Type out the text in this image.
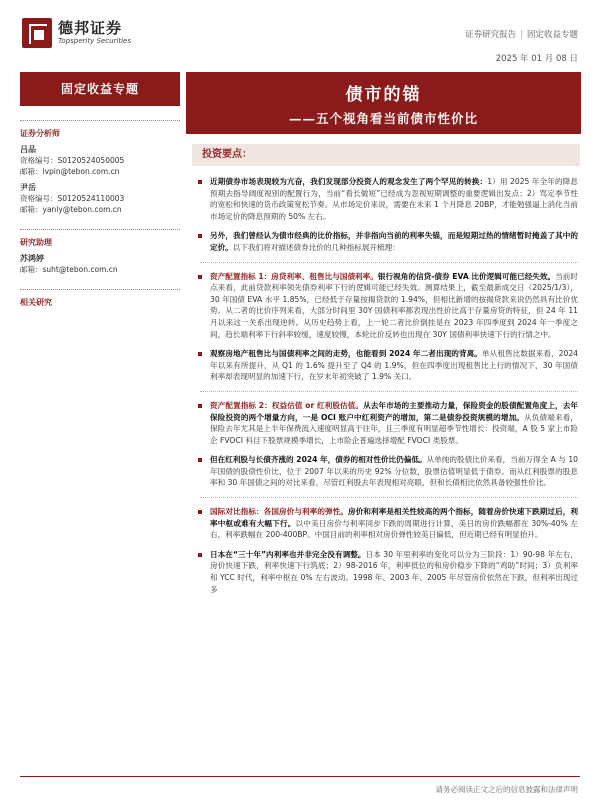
德邦证券
Topsperity Securities
证券研究报告 | 固定收益专题
2025 年 01 月 08 日
固定收益专题
证券分析师
吕品
资格编号：S0120524050005
邮箱：lvpin@tebon.com.cn
尹岳
资格编号：S0120524110003
邮箱：yanly@tebon.com.cn
研究助理
苏鸿婷
邮箱：suht@tebon.com.cn
相关研究
债市的锚
——五个视角看当前债市性价比
投资要点：
近期债券市场表现较为亢奋，我们发现部分投资人的观念发生了两个罕见的转换：1）用 2025 年全年的降息预期去指导阔度视别的配置行为，当前“看长做短”已经成为忽视短期调整的重要逻辑出发点；2）骂定季节性的宽松和快速的货币政策宽松节奏。从市场定价来说，需要在未来 1 个月降息 20BP，才能勉强逼上消化当前市场定价的降息预期的 50% 左右。
另外，我们曾经认为债市经典的比价指标，并非指向当前的利率失锚，而是短期过热的情绪暂时掩盖了其中的定价。以下我们将对描述债券比价的几种指标展开梳理：
资产配置指标 1：房贷利率、租售比与国债利率。银行视角的信贷-债券 EVA 比价逻辑可能已经失效。当前时点来看，此前贷款利率领先债券利率下行的逻辑可能已经失效。测算结果上，截至最新成交日（2025/1/3），30 年国债 EVA 水平 1.85%，已经低于存量按揭贷款的 1.94%，但相比新增的按揭贷款来说仍然具有比价优势。从二者的比价序列来看，大部分时间里 30Y 国债利率都表现出性价比高于存量房贷的特征，但 24 年 11 月以来这一关系出现逆转。从历史趋势上看，上一轮二者比价倒挂是在 2023 年四季度到 2024 年一季度之间，趋长端利率下行斜率较缓，速度较慢，本轮比价反转也出现在 30Y 国债利率快速下行的行情之中。
观察房地产租售比与国债利率之间的走势，也能看到 2024 年二者出现的背离。单从租售比数据来看，2024 年以来有所提升，从 Q1 的 1.6% 提升至了 Q4 的 1.9%，但在四季度出现租售比上行的情况下，30 年国债利率却表现明显的加速下行，在岁末年初突破了 1.9% 关口。
资产配置指标 2：权益估值 or 红利股估值。从去年市场的主要推动力量，保险资金的股债配置角度上，去年保险投资的两个增量方向，一是 OCI 账户中红利资产的增加，第二是债券投资规模的增加。从负债端来看，保险去年尤其是上半年保费流入速度明显高于往年，且三季度有明显超季节性增长：投资端，A 股 5 家上市险企 FVOCI 科目下股票规模季增长，上市险企普遍选择增配 FVOCI 类股票。
但在红利股与长债齐涨的 2024 年，债券的相对性价比仍偏低。从单纯的股债比价来看，当前万得全 A 与 10 年国债的股债性价比，位于 2007 年以来的历史 92% 分位数，股票估值明显低于债券。而从红利股票的股息率和 30 年国债之间的对比来看，尽管红利股去年表现相对亮眼，但和长债相比依然具备较强性价比。
国际对比指标：各国房价与利率的弹性。房价和利率是相关性较高的两个指标，随着房价快速下跌期过后，利率中枢或难有大幅下行。以中美日房价与利率同步下跌的周期进行计算，美日的房价跌幅都在 30%-40% 左右，利率跌幅在 200-400BP。中国目前的利率相对房价弹性较美日偏低，但近期已经有明显抬升。
日本在“三十年”内利率也并非完全没有调整。日本 30 年里利率的变化可以分为三阶段：1）90-98 年左右，房价快速下跌，利率快速下行筑底；2）98-2016 年，利率低位的和房价稳步下降的“鸡助”时间；3）负利率和 YCC 时代，利率中枢在 0% 左右波动。1998 年、2003 年、2005 年尽管房价依然在下跌，但利率出现过多
请务必阅读正文之后的信息披露和法律声明
